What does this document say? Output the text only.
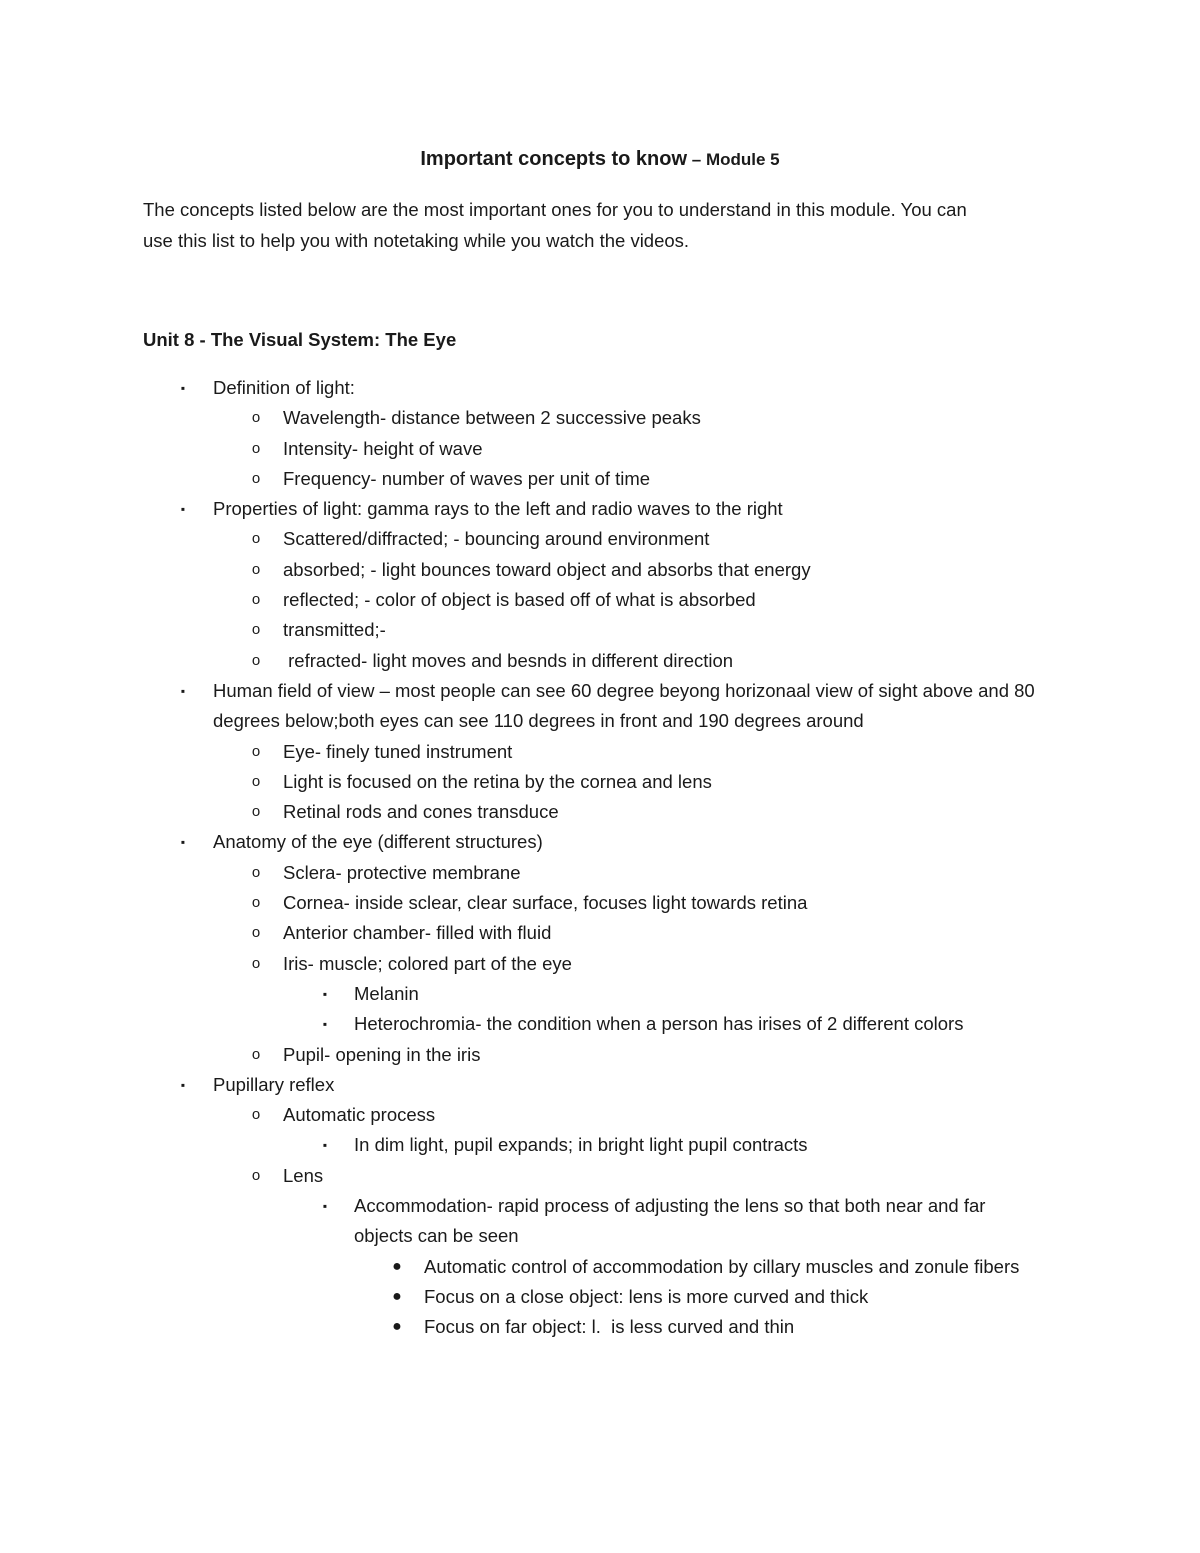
Important concepts to know – Module 5

The concepts listed below are the most important ones for you to understand in this module. You can

use this list to help you with notetaking while you watch the videos.

Unit 8 - The Visual System: The Eye
▪	Definition of light:
o	Wavelength- distance between 2 successive peaks
o	Intensity- height of wave
o	Frequency- number of waves per unit of time
▪	Properties of light: gamma rays to the left and radio waves to the right
o	Scattered/diffracted; - bouncing around environment
o	absorbed; - light bounces toward object and absorbs that energy
o	reflected; - color of object is based off of what is absorbed
o	transmitted;-
o	refracted- light moves and besnds in different direction
▪	Human field of view – most people can see 60 degree beyong horizonaal view of sight above and 80 degrees below;both eyes can see 110 degrees in front and 190 degrees around
o	Eye- finely tuned instrument
o	Light is focused on the retina by the cornea and lens
o	Retinal rods and cones transduce
▪	Anatomy of the eye (different structures)
o	Sclera- protective membrane
o	Cornea- inside sclear, clear surface, focuses light towards retina
o	Anterior chamber- filled with fluid
o	Iris- muscle; colored part of the eye
▪	Melanin
▪	Heterochromia- the condition when a person has irises of 2 different colors
o	Pupil- opening in the iris
▪	Pupillary reflex
o	Automatic process
▪	In dim light, pupil expands; in bright light pupil contracts
o	Lens
▪	Accommodation- rapid process of adjusting the lens so that both near and far objects can be seen
● Automatic control of accommodation by cillary muscles and zonule fibers
● Focus on a close object: lens is more curved and thick
● Focus on far object: l.  is less curved and thin
